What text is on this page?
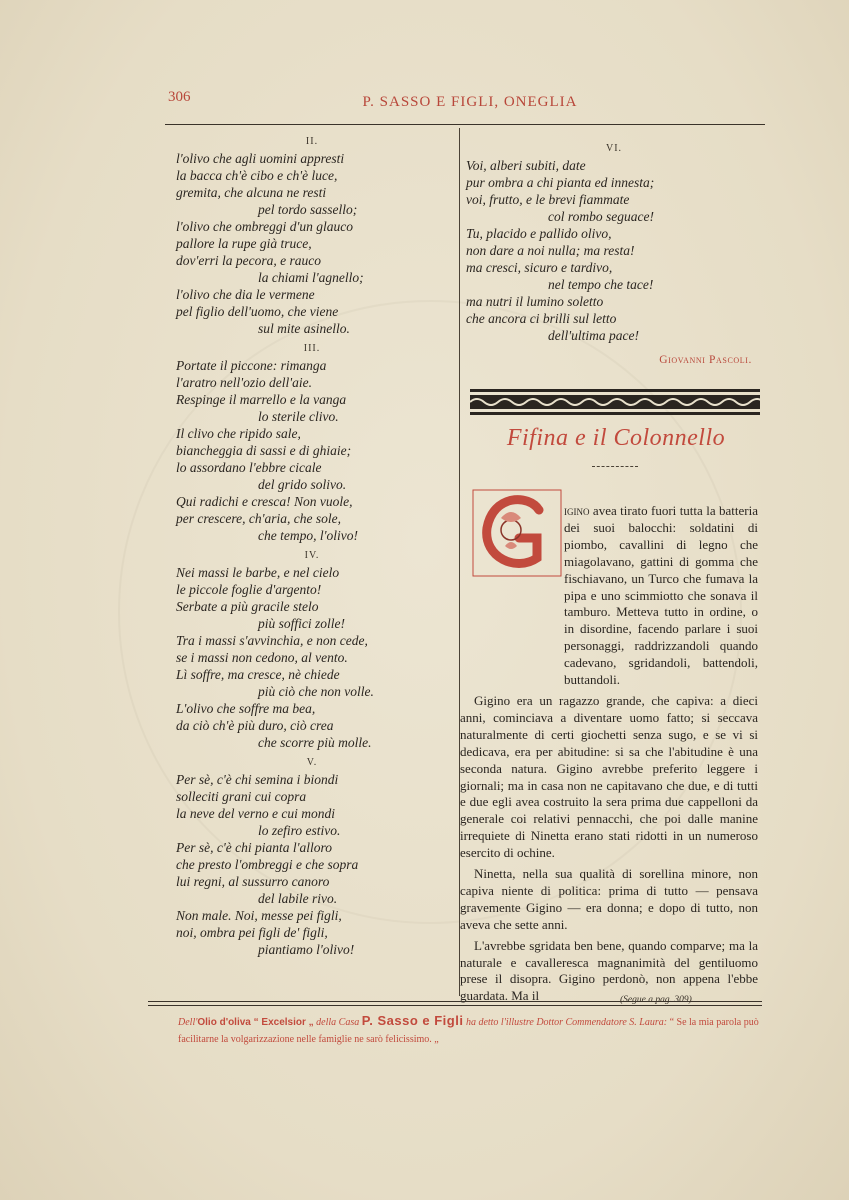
306	P. SASSO E FIGLI, ONEGLIA
II.
l'olivo che agli uomini appresti
la bacca ch'è cibo e ch'è luce,
gremita, che alcuna ne resti
pel tordo sassello;
l'olivo che ombreggi d'un glauco
pallore la rupe già truce,
dov'erri la pecora, e rauco
la chiami l'agnello;
l'olivo che dia le vermene
pel figlio dell'uomo, che viene
sul mite asinello.
III.
Portate il piccone: rimanga
l'aratro nell'ozio dell'aie.
Respinge il marrello e la vanga
lo sterile clivo.
Il clivo che ripido sale,
biancheggia di sassi e di ghiaie;
lo assordano l'ebbre cicale
del grido solivo.
Qui radichi e cresca! Non vuole,
per crescere, ch'aria, che sole,
che tempo, l'olivo!
IV.
Nei massi le barbe, e nel cielo
le piccole foglie d'argento!
Serbate a più gracile stelo
più soffici zolle!
Tra i massi s'avvinchia, e non cede,
se i massi non cedono, al vento.
Lì soffre, ma cresce, nè chiede
più ciò che non volle.
L'olivo che soffre ma bea,
da ciò ch'è più duro, ciò crea
che scorre più molle.
V.
Per sè, c'è chi semina i biondi
solleciti grani cui copra
la neve del verno e cui mondi
lo zefiro estivo.
Per sè, c'è chi pianta l'alloro
che presto l'ombreggi e che sopra
lui regni, al sussurro canoro
del labile rivo.
Non male. Noi, messe pei figli,
noi, ombra pei figli de' figli,
piantiamo l'olivo!
VI.
Voi, alberi subiti, date
pur ombra a chi pianta ed innesta;
voi, frutto, e le brevi fiammate
col rombo seguace!
Tu, placido e pallido olivo,
non dare a noi nulla; ma resta!
ma cresci, sicuro e tardivo,
nel tempo che tace!
ma nutri il lumino soletto
che ancora ci brilli sul letto
dell'ultima pace!
Giovanni Pascoli.
Fifina e il Colonnello

igino avea tirato fuori tutta la batteria dei suoi balocchi: soldatini di piombo, cavallini di legno che miagolavano, gattini di gomma che fischiavano, un Turco che fumava la pipa e uno scimmiotto che sonava il tamburo. Metteva tutto in ordine, o in disordine, facendo parlare i suoi personaggi, raddrizzandoli quando cadevano, sgridandoli, battendoli, buttandoli.

Gigino era un ragazzo grande, che capiva: a dieci anni, cominciava a diventare uomo fatto; si seccava naturalmente di certi giochetti senza sugo, e se vi si dedicava, era per abitudine: si sa che l'abitudine è una seconda natura. Gigino avrebbe preferito leggere i giornali; ma in casa non ne capitavano che due, e di tutti e due egli avea costruito la sera prima due cappelloni da generale coi relativi pennacchi, che poi dalle manine irrequiete di Ninetta erano stati ridotti in un numeroso esercito di ochine.

Ninetta, nella sua qualità di sorellina minore, non capiva niente di politica: prima di tutto — pensava gravemente Gigino — era donna; e dopo di tutto, non aveva che sette anni.

L'avrebbe sgridata ben bene, quando comparve; ma la naturale e cavalleresca magnanimità del gentiluomo prese il disopra. Gigino perdonò, non appena l'ebbe guardata. Ma il	(Segue a pag. 309).
Dell'Olio d'oliva “ Excelsior „ della Casa P. Sasso e Figli ha detto l'illustre Dottor Commendatore S. Laura: “ Se la mia parola può facilitarne la volgarizzazione nelle famiglie ne sarò felicissimo. „
